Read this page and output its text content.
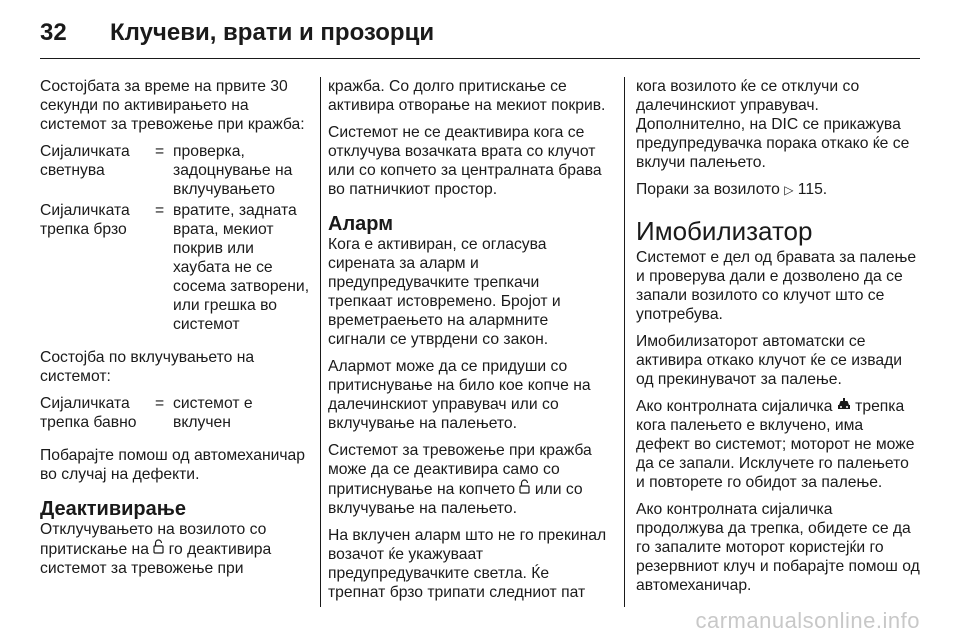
32	Клучеви, врати и прозорци

Состојбата за време на првите 30 секунди по активирањето на системот за тревожење при кражба:

Сијаличката светнува
= проверка, задоцнување на вклучувањето
Сијаличката трепка брзо
= вратите, задната врата, мекиот покрив или хаубата не се сосема затворени, или грешка во системот

Состојба по вклучувањето на системот:

Сијаличката трепка бавно
= системот е вклучен

Побарајте помош од автомеханичар во случај на дефекти.

Деактивирање

Отклучувањето на возилото со притискање на  го деактивира системот за тревожење при

кражба. Со долго притискање се активира отворање на мекиот покрив.

Системот не се деактивира кога се отклучува возачката врата со клучот или со копчето за централната брава во патничкиот простор.

Аларм

Кога е активиран, се огласува сирената за аларм и предупредувачките трепкачи трепкаат истовремено. Бројот и времетраењето на алармните сигнали се утврдени со закон.

Алармот може да се придуши со притиснување на било кое копче на далечинскиот управувач или со вклучување на палењето.

Системот за тревожење при кражба може да се деактивира само со притиснување на копчето  или со вклучување на палењето.

На вклучен аларм што не го прекинал возачот ќе укажуваат предупредувачките светла. Ќе трепнат брзо трипати следниот пат

кога возилото ќе се отклучи со далечинскиот управувач. Дополнително, на DIC се прикажува предупредувачка порака откако ќе се вклучи палењето.

Пораки за возилото ▷ 115.

Имобилизатор

Системот е дел од бравата за палење и проверува дали е дозволено да се запали возилото со клучот што се употребува.

Имобилизаторот автоматски се активира откако клучот ќе се извади од прекинувачот за палење.

Ако контролната сијаличка  трепка кога палењето е вклучено, има дефект во системот; моторот не може да се запали. Исклучете го палењето и повторете го обидот за палење.

Ако контролната сијаличка продолжува да трепка, обидете се да го запалите моторот користејќи го резервниот клуч и побарајте помош од автомеханичар.

carmanualsonline.info
